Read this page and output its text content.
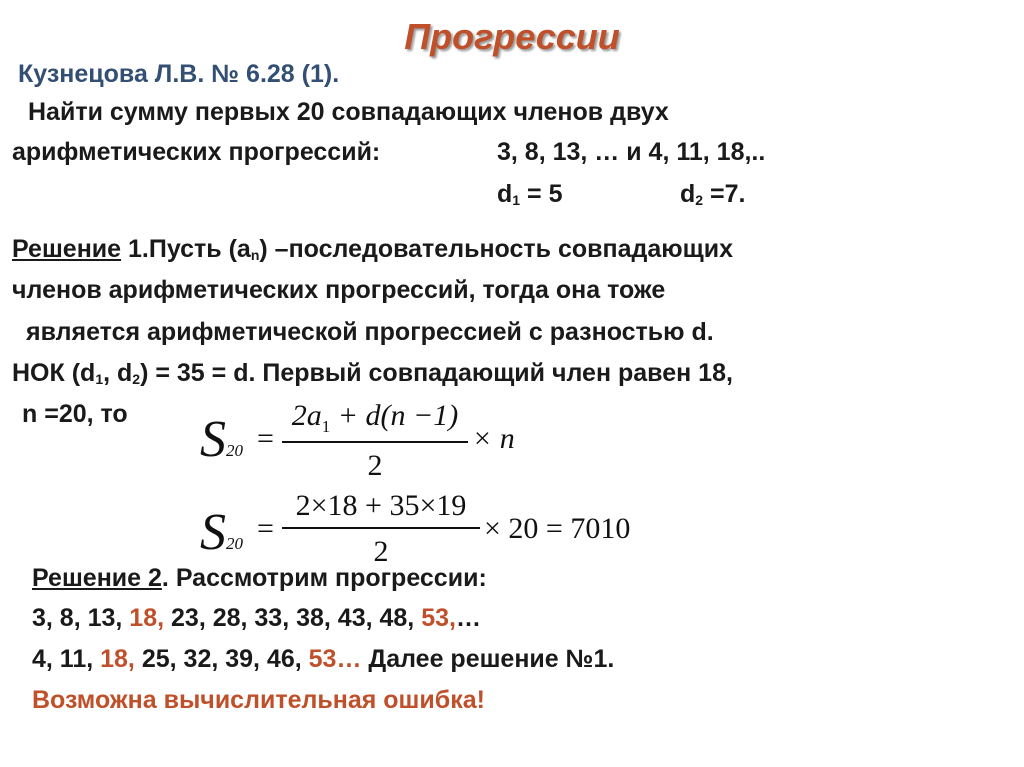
Прогрессии
Кузнецова Л.В. № 6.28 (1).
Найти сумму первых 20 совпадающих членов двух
арифметических прогрессий:	3, 8, 13, … и 4, 11, 18,..
$d_1 = 5$	$d_2 =7$.
Решение 1.Пусть $(a_n)$ –последовательность совпадающих
членов арифметических прогрессий, тогда она тоже
является арифметической прогрессией с разностью d.
НОК ($d_1$, $d_2) = 35 = d$. Первый совпадающий член равен 18,
n =20, то S20 =
$2a_1 + d(n -1)$
2
× n
S20 =
2×18 + 35×19
2
× 20 = 7010
Решение 2. Рассмотрим прогрессии:
3, 8, 13, 18, 23, 28, 33, 38, 43, 48, 53,…
4, 11, 18, 25, 32, 39, 46, 53… Далее решение №1.
Возможна вычислительная ошибка!
